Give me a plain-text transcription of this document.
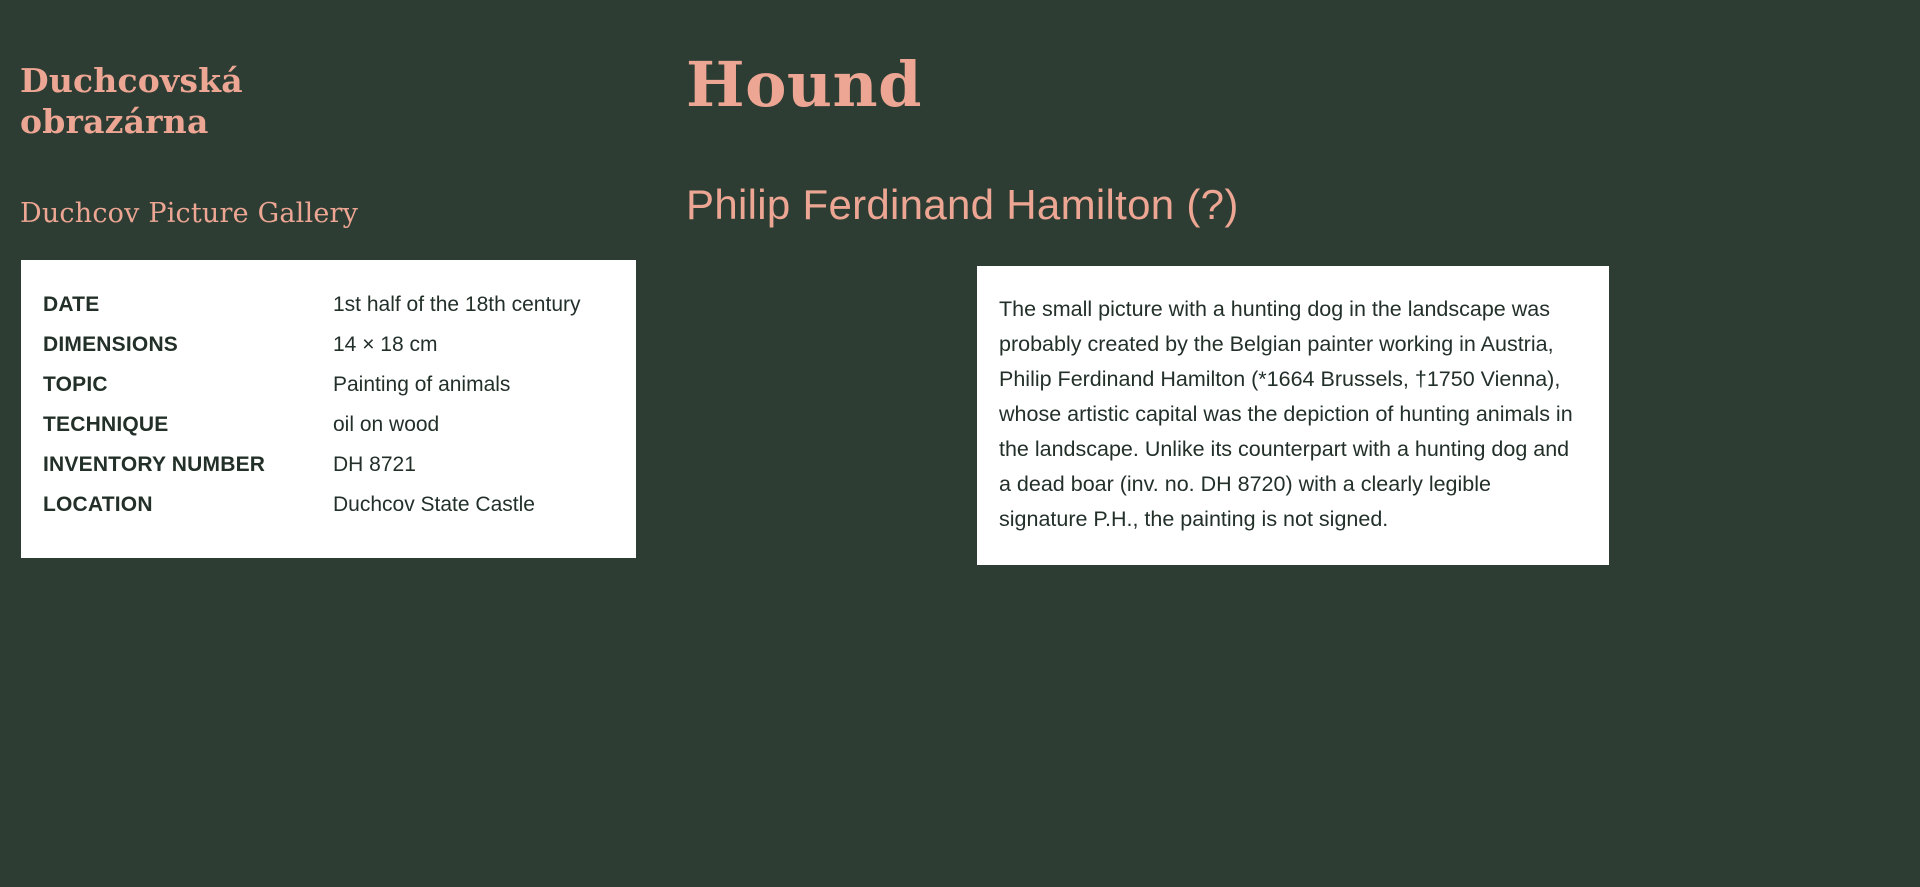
Duchcovská
obrazárna

Duchcov Picture Gallery

DATE	1st half of the 18th century
DIMENSIONS	14 × 18 cm
TOPIC	Painting of animals
TECHNIQUE	oil on wood
INVENTORY NUMBER	DH 8721
LOCATION	Duchcov State Castle
Hound
Philip Ferdinand Hamilton (?)

The small picture with a hunting dog in the landscape was probably created by the Belgian painter working in Austria, Philip Ferdinand Hamilton (*1664 Brussels, †1750 Vienna), whose artistic capital was the depiction of hunting animals in the landscape. Unlike its counterpart with a hunting dog and a dead boar (inv. no. DH 8720) with a clearly legible signature P.H., the painting is not signed.
